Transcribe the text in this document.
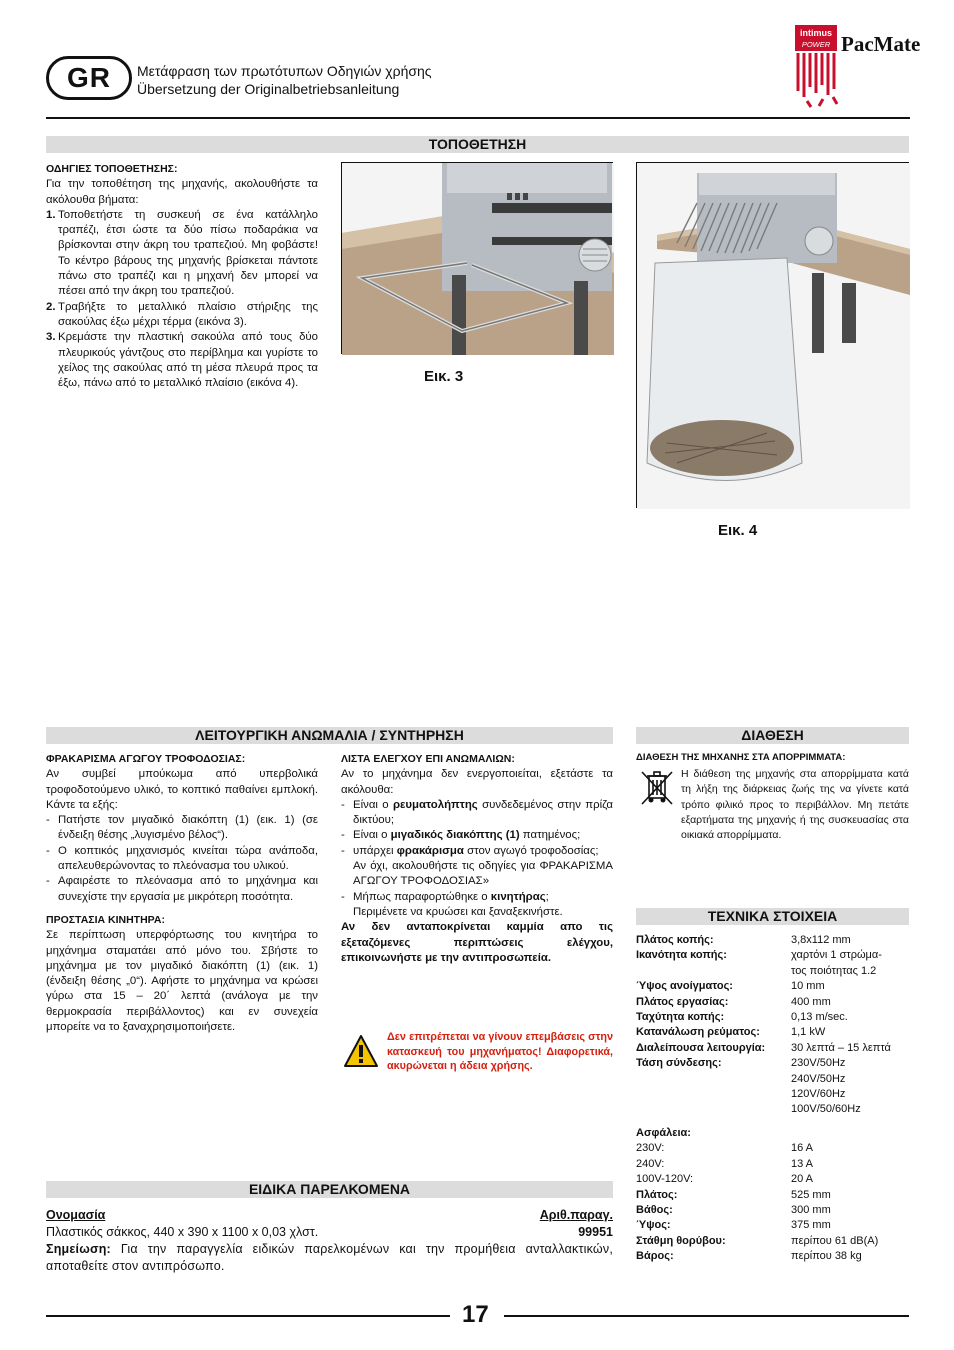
GR	Μετάφραση των πρωτότυπων Οδηγιών χρήσης
Übersetzung der Originalbetriebsanleitung
intimus
POWER PacMate
ΤΟΠΟΘΕΤΗΣΗ
ΟΔΗΓΙΕΣ ΤΟΠΟΘΕΤΗΣΗΣ:
Για την τοποθέτηση της μηχανής, ακολουθήστε τα ακόλουθα βήματα:
1. Τοποθετήστε τη συσκευή σε ένα κατάλληλο τραπέζι, έτσι ώστε τα δύο πίσω ποδαράκια να βρίσκονται στην άκρη του τραπεζιού. Μη φοβάστε! Το κέντρο βάρους της μηχανής βρίσκεται πάντοτε πάνω στο τραπέζι και η μηχανή δεν μπορεί να πέσει από την άκρη του τραπεζιού.
2. Τραβήξτε το μεταλλικό πλαίσιο στήριξης της σακούλας έξω μέχρι τέρμα (εικόνα 3).
3. Κρεμάστε την πλαστική σακούλα από τους δύο πλευρικούς γάντζους στο περίβλημα και γυρίστε το χείλος της σακούλας από τη μέσα πλευρά προς τα έξω, πάνω από το μεταλλικό πλαίσιο (εικόνα 4).	Εικ. 3
Εικ. 4
ΛΕΙΤΟΥΡΓΙΚΗ ΑΝΩΜΑΛΙΑ / ΣΥΝΤΗΡΗΣΗ
ΦΡΑΚΑΡΙΣΜΑ ΑΓΩΓΟΥ ΤΡΟΦΟΔΟΣΙΑΣ:
Αν συμβεί μπούκωμα από υπερβολικά τροφοδοτούμενο υλικό, το κοπτικό παθαίνει εμπλοκή. Κάντε τα εξής:
- Πατήστε τον μιγαδικό διακόπτη (1) (εικ. 1) (σε ένδειξη θέσης „λυγισμένο βέλος“).
- Ο κοπτικός μηχανισμός κινείται τώρα ανάποδα, απελευθερώνοντας το πλεόνασμα του υλικού.
- Αφαιρέστε το πλεόνασμα από το μηχάνημα και συνεχίστε την εργασία με μικρότερη ποσότητα.
ΠΡΟΣΤΑΣΙΑ ΚΙΝΗΤΗΡΑ:
Σε περίπτωση υπερφόρτωσης του κινητήρα το μηχάνημα σταματάει από μόνο του. Σβήστε το μηχάνημα με τον μιγαδικό διακόπτη (1) (εικ. 1) (ένδειξη θέσης „0“). Αφήστε το μηχάνημα να κρώσει γύρω στα 15 – 20΄ λεπτά (ανάλογα με την θερμοκρασία περιβάλλοντος) και εν συνεχεία μπορείτε να το ξαναχρησιμοποιήσετε.
ΛΙΣΤΑ ΕΛΕΓΧΟΥ ΕΠΙ ΑΝΩΜΑΛΙΩΝ:
Αν το μηχάνημα δεν ενεργοποιείται, εξετάστε τα ακόλουθα:
- Είναι ο ρευματολήπτης συνδεδεμένος στην πρίζα δικτύου;
- Είναι ο μιγαδικός διακόπτης (1) πατημένος;
- υπάρχει φρακάρισμα στον αγωγό τροφοδοσίας;
Αν όχι, ακολουθήστε τις οδηγίες για ΦΡΑΚΑΡΙΣΜΑ ΑΓΩΓΟΥ ΤΡΟΦΟΔΟΣΙΑΣ»
- Μήπως παραφορτώθηκε ο κινητήρας;
Περιμένετε να κρυώσει και ξαναξεκινήστε.
Αν δεν ανταποκρίνεται καμμία απο τις εξεταζόμενες περιπτώσεις ελέγχου, επικοινωνήστε με την αντιπροσωπεία.
Δεν επιτρέπεται να γίνουν επεμβάσεις στην κατασκευή του μηχανήματος! Διαφορετικά, ακυρώνεται η άδεια χρήσης.
ΔΙΑΘΕΣΗ
ΔΙΑΘΕΣΗ ΤΗΣ ΜΗΧΑΝΗΣ ΣΤΑ ΑΠΟΡΡΙΜΜΑΤΑ:
Η διάθεση της μηχανής στα απορρίμματα κατά τη λήξη της διάρκειας ζωής της να γίνετε κατά τρόπο φιλικό προς το περιβάλλον. Μη πετάτε εξαρτήματα της μηχανής ή της συσκευασίας στα οικιακά απορρίμματα.
ΤΕΧΝΙΚΑ ΣΤΟΙΧΕΙΑ
Πλάτος κοπής:	3,8x112 mm
Ικανότητα κοπής:	χαρτόνι 1 στρώμα-
τος ποιότητας 1.2
Ύψος ανοίγματος:	10 mm
Πλάτος εργασίας:	400 mm
Ταχύτητα κοπής:	0,13 m/sec.
Κατανάλωση ρεύματος:	1,1 kW
Διαλείπουσα λειτουργία:	30 λεπτά – 15 λεπτά
Τάση σύνδεσης:	230V/50Hz
240V/50Hz
120V/60Hz
100V/50/60Hz
Ασφάλεια:
230V:	16 A
240V:	13 A
100V-120V:	20 A
Πλάτος:	525 mm
Βάθος:	300 mm
Ύψος:	375 mm
Στάθμη θορύβου:	περίπου 61 dB(A)
Βάρος:	περίπου 38 kg
ΕΙΔΙΚΑ ΠΑΡΕΛΚΟΜΕΝΑ
Ονομασία	Αριθ.παραγ.
Πλαστικός σάκκος, 440 x 390 x 1100 x 0,03 χλστ.	99951
Σημείωση: Για την παραγγελία ειδικών παρελκομένων και την προμήθεια ανταλλακτικών, αποταθείτε στον αντιπρόσωπο.
17
